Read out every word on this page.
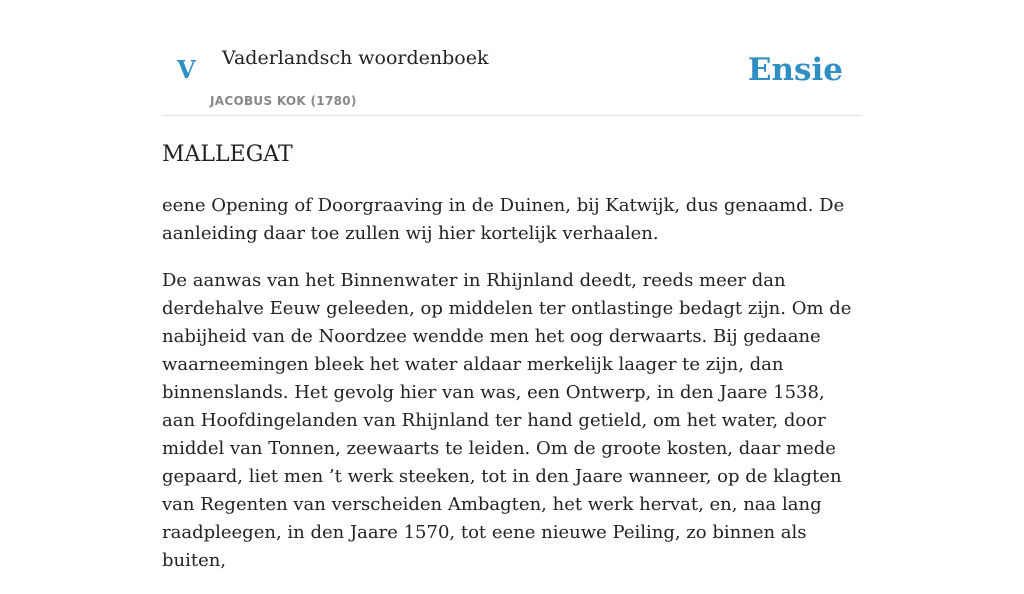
V Vaderlandsch woordenboek
JACOBUS KOK (1780)
Ensie
MALLEGAT

eene Opening of Doorgraaving in de Duinen, bij Katwijk, dus genaamd. De aanleiding daar toe zullen wij hier kortelijk verhaalen.

De aanwas van het Binnenwater in Rhijnland deedt, reeds meer dan derdehalve Eeuw geleeden, op middelen ter ontlastinge bedagt zijn. Om de nabijheid van de Noordzee wendde men het oog derwaarts. Bij gedaane waarneemingen bleek het water aldaar merkelijk laager te zijn, dan binnenslands. Het gevolg hier van was, een Ontwerp, in den Jaare 1538, aan Hoofdingelanden van Rhijnland ter hand getield, om het water, door middel van Tonnen, zeewaarts te leiden. Om de groote kosten, daar mede gepaard, liet men ’t werk steeken, tot in den Jaare wanneer, op de klagten van Regenten van verscheiden Ambagten, het werk hervat, en, naa lang raadpleegen, in den Jaare 1570, tot eene nieuwe Peiling, zo binnen als buiten,
